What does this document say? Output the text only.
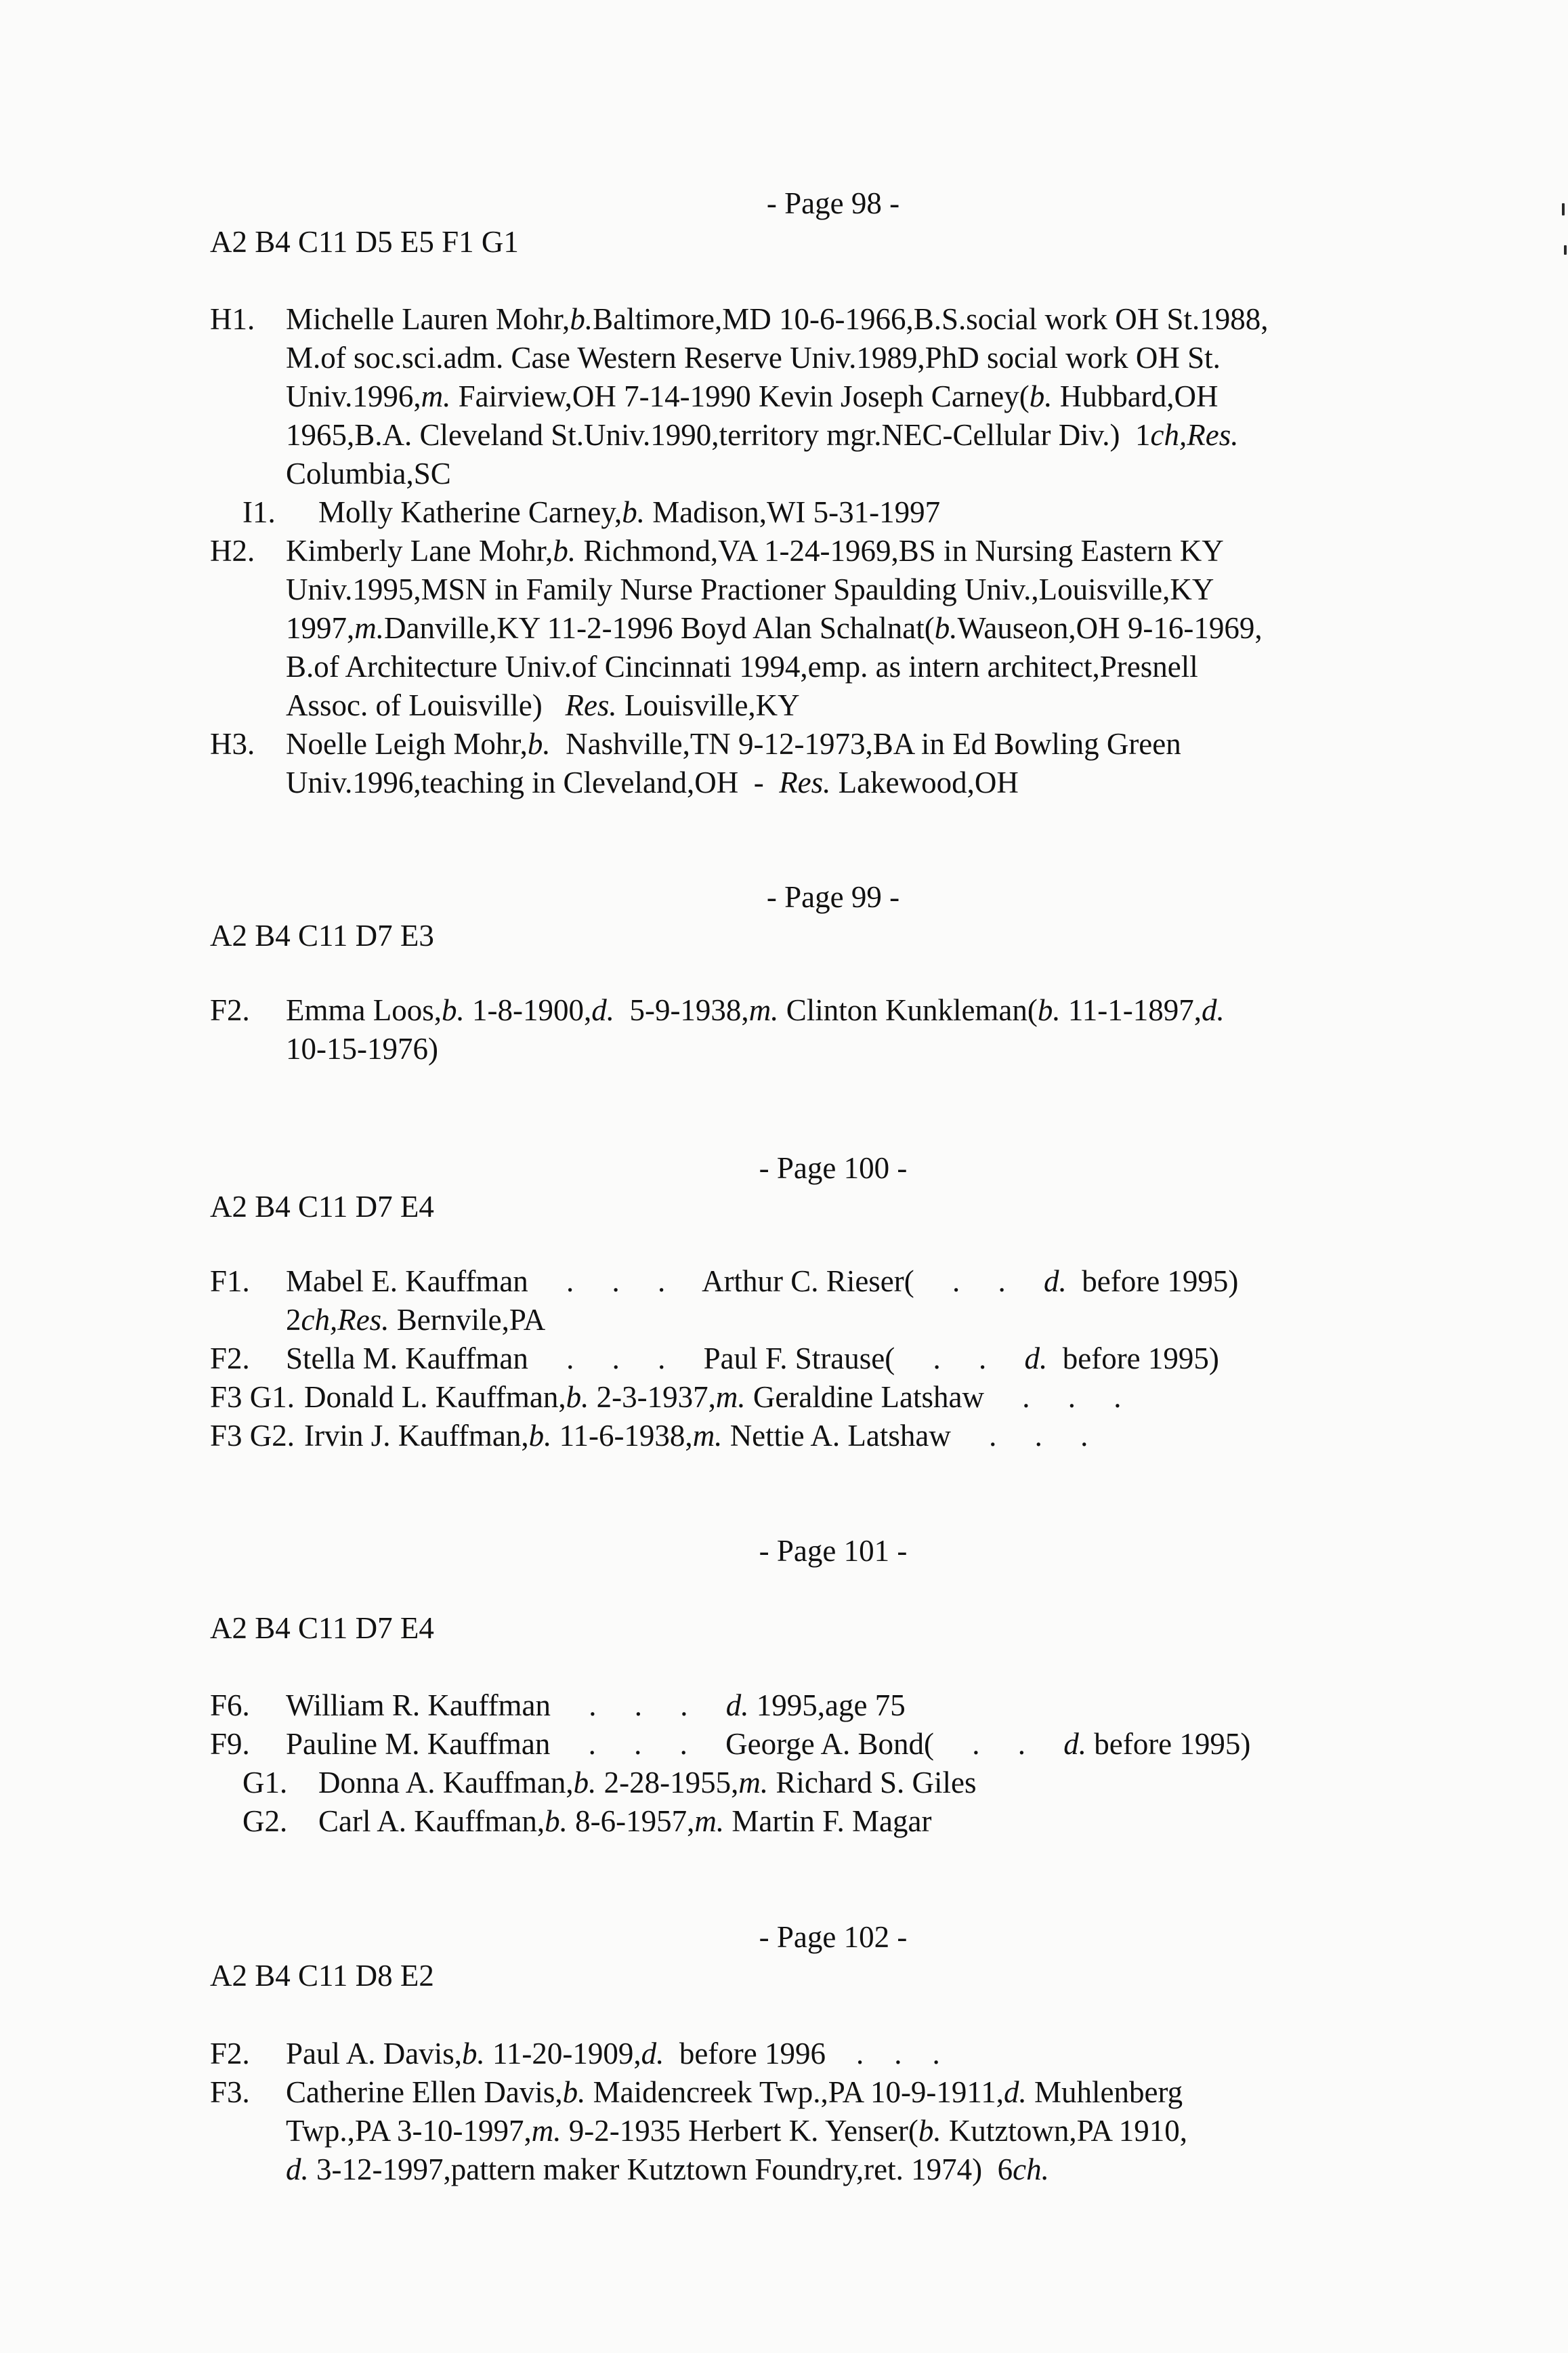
- Page 98 -
A2 B4 C11 D5 E5 F1 G1
H1. Michelle Lauren Mohr,b.Baltimore,MD 10-6-1966,B.S.social work OH St.1988,
M.of soc.sci.adm. Case Western Reserve Univ.1989,PhD social work OH St.
Univ.1996,m. Fairview,OH 7-14-1990 Kevin Joseph Carney(b. Hubbard,OH
1965,B.A. Cleveland St.Univ.1990,territory mgr.NEC-Cellular Div.)  1ch,Res.
Columbia,SC
I1. Molly Katherine Carney,b. Madison,WI 5-31-1997
H2. Kimberly Lane Mohr,b. Richmond,VA 1-24-1969,BS in Nursing Eastern KY
Univ.1995,MSN in Family Nurse Practioner Spaulding Univ.,Louisville,KY
1997,m.Danville,KY 11-2-1996 Boyd Alan Schalnat(b.Wauseon,OH 9-16-1969,
B.of Architecture Univ.of Cincinnati 1994,emp. as intern architect,Presnell
Assoc. of Louisville)   Res. Louisville,KY
H3. Noelle Leigh Mohr,b.  Nashville,TN 9-12-1973,BA in Ed Bowling Green
Univ.1996,teaching in Cleveland,OH  -  Res. Lakewood,OH
- Page 99 -
A2 B4 C11 D7 E3
F2. Emma Loos,b. 1-8-1900,d.  5-9-1938,m. Clinton Kunkleman(b. 11-1-1897,d.
10-15-1976)
- Page 100 -
A2 B4 C11 D7 E4
F1. Mabel E. Kauffman     .     .     .     Arthur C. Rieser(     .     .     d.  before 1995)
2ch,Res. Bernvile,PA
F2. Stella M. Kauffman     .     .     .     Paul F. Strause(     .     .     d.  before 1995)
F3 G1. Donald L. Kauffman,b. 2-3-1937,m. Geraldine Latshaw     .     .     .
F3 G2. Irvin J. Kauffman,b. 11-6-1938,m. Nettie A. Latshaw     .     .     .
- Page 101 -
A2 B4 C11 D7 E4
F6. William R. Kauffman     .     .     .     d. 1995,age 75
F9. Pauline M. Kauffman     .     .     .     George A. Bond(     .     .     d. before 1995)
G1. Donna A. Kauffman,b. 2-28-1955,m. Richard S. Giles
G2. Carl A. Kauffman,b. 8-6-1957,m. Martin F. Magar
- Page 102 -
A2 B4 C11 D8 E2
F2. Paul A. Davis,b. 11-20-1909,d.  before 1996    .    .    .
F3. Catherine Ellen Davis,b. Maidencreek Twp.,PA 10-9-1911,d. Muhlenberg
Twp.,PA 3-10-1997,m. 9-2-1935 Herbert K. Yenser(b. Kutztown,PA 1910,
d. 3-12-1997,pattern maker Kutztown Foundry,ret. 1974)  6ch.
